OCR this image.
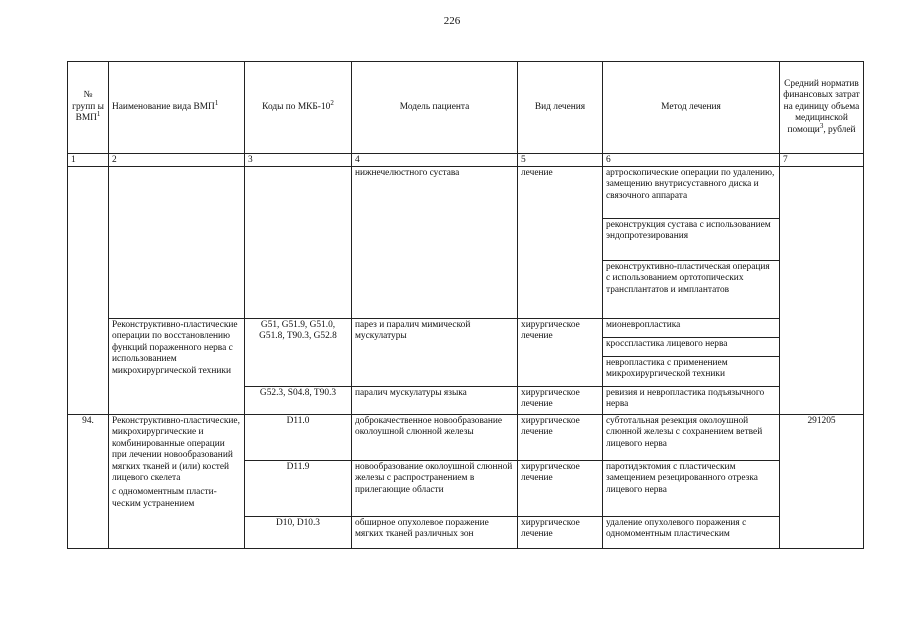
226
№ групп ы ВМП$^1$	Наименование вида ВМП$^1$	Коды по МКБ-$10^2$	Модель пациента	Вид лечения	Метод лечения	Средний норматив финансовых затрат на единицу объема медицинской помощи$^3$, рублей
1	2	3	4	5	6	7
			нижнечелюстного сустава	лечение	артроскопические операции по удалению, замещению внутрисуставного диска и связочного аппарата	
					реконструкция сустава с использованием эндопротезирования	
					реконструктивно-пластическая операция с использованием ортотопических трансплантатов и имплантатов	
	Реконструктивно-пластические операции по восстановлению функций пораженного нерва с использованием микрохирургической техники	G51, G51.9, G51.0, G51.8, T90.3, G52.8	парез и паралич мимической мускулатуры	хирургическое лечение	мионевропластика	
					кросспластика лицевого нерва	
					невропластика с применением микрохирургической техники	
		G52.3, S04.8, T90.3	паралич мускулатуры языка	хирургическое лечение	ревизия и невропластика подъязычного нерва	
94.	Реконструктивно-пластические, микрохирургические и комбинированные операции при лечении новообразований мягких тканей и (или) костей лицевого скелета
с одномоментным пласти-ческим устранением	D11.0	доброкачественное новообразование околоушной слюнной железы	хирургическое лечение	субтотальная резекция околоушной слюнной железы с сохранением ветвей лицевого нерва	291205
		D11.9	новообразование околоушной слюнной железы с распространением в прилегающие области	хирургическое лечение	паротидэктомия с пластическим замещением резецированного отрезка лицевого нерва	
		D10, D10.3	обширное опухолевое поражение мягких тканей различных зон	хирургическое лечение	удаление опухолевого поражения с одномоментным пластическим	
